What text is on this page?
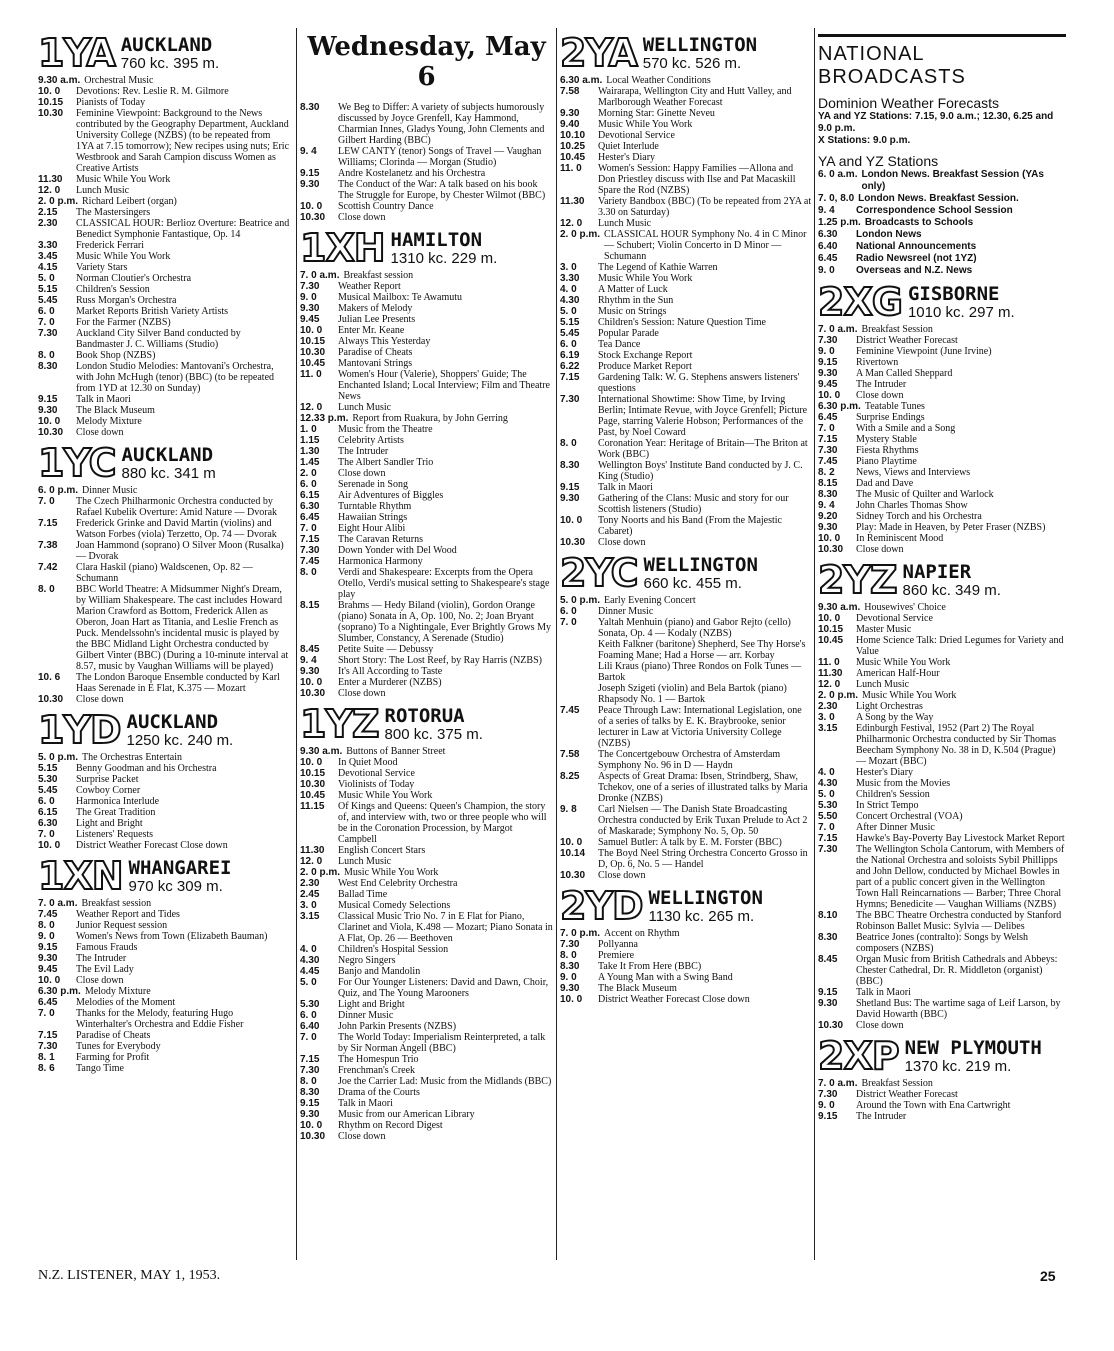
1YA AUCKLAND
760 kc. 395 m.
9.30 a.m. Orchestral Music
10. 0	Devotions: Rev. Leslie R. M. Gilmore
10.15	Pianists of Today
10.30	Feminine Viewpoint: Background to the News contributed by the Geography Department, Auckland University College (NZBS) (to be repeated from 1YA at 7.15 tomorrow); New recipes using nuts; Eric Westbrook and Sarah Campion discuss Women as Creative Artists
11.30	Music While You Work
12. 0	Lunch Music
2. 0 p.m. Richard Leibert (organ)
2.15	The Mastersingers
2.30	CLASSICAL HOUR: Berlioz Overture: Beatrice and Benedict Symphonie Fantastique, Op. 14
3.30	Frederick Ferrari
3.45	Music While You Work
4.15	Variety Stars
5. 0	Norman Cloutier's Orchestra
5.15	Children's Session
5.45	Russ Morgan's Orchestra
6. 0	Market Reports British Variety Artists
7. 0	For the Farmer (NZBS)
7.30	Auckland City Silver Band conducted by Bandmaster J. C. Williams (Studio)
8. 0	Book Shop (NZBS)
8.30	London Studio Melodies: Mantovani's Orchestra, with John McHugh (tenor) (BBC) (to be repeated from 1YD at 12.30 on Sunday)
9.15	Talk in Maori
9.30	The Black Museum
10. 0	Melody Mixture
10.30	Close down
1YC AUCKLAND
880 kc. 341 m
6. 0 p.m. Dinner Music
7. 0	The Czech Philharmonic Orchestra conducted by Rafael Kubelik Overture: Amid Nature — Dvorak
7.15	Frederick Grinke and David Martin (violins) and Watson Forbes (viola) Terzetto, Op. 74 — Dvorak
7.38	Joan Hammond (soprano) O Silver Moon (Rusalka) — Dvorak
7.42	Clara Haskil (piano) Waldscenen, Op. 82 — Schumann
8. 0	BBC World Theatre: A Midsummer Night's Dream, by William Shakespeare. The cast includes Howard Marion Crawford as Bottom, Frederick Allen as Oberon, Joan Hart as Titania, and Leslie French as Puck. Mendelssohn's incidental music is played by the BBC Midland Light Orchestra conducted by Gilbert Vinter (BBC) (During a 10-minute interval at 8.57, music by Vaughan Williams will be played)
10. 6	The London Baroque Ensemble conducted by Karl Haas Serenade in E Flat, K.375 — Mozart
10.30	Close down
1YD AUCKLAND
1250 kc. 240 m.
5. 0 p.m. The Orchestras Entertain
5.15	Benny Goodman and his Orchestra
5.30	Surprise Packet
5.45	Cowboy Corner
6. 0	Harmonica Interlude
6.15	The Great Tradition
6.30	Light and Bright
7. 0	Listeners' Requests
10. 0	District Weather Forecast Close down
1XN WHANGAREI
970 kc 309 m.
7. 0 a.m. Breakfast session
7.45	Weather Report and Tides
8. 0	Junior Request session
9. 0	Women's News from Town (Elizabeth Bauman)
9.15	Famous Frauds
9.30	The Intruder
9.45	The Evil Lady
10. 0	Close down
6.30 p.m. Melody Mixture
6.45	Melodies of the Moment
7. 0	Thanks for the Melody, featuring Hugo Winterhalter's Orchestra and Eddie Fisher
7.15	Paradise of Cheats
7.30	Tunes for Everybody
8. 1	Farming for Profit
8. 6	Tango Time
Wednesday, May 6
8.30	We Beg to Differ: A variety of subjects humorously discussed by Joyce Grenfell, Kay Hammond, Charmian Innes, Gladys Young, John Clements and Gilbert Harding (BBC)
9. 4	LEW CANTY (tenor) Songs of Travel — Vaughan Williams; Clorinda — Morgan (Studio)
9.15	Andre Kostelanetz and his Orchestra
9.30	The Conduct of the War: A talk based on his book The Struggle for Europe, by Chester Wilmot (BBC)
10. 0	Scottish Country Dance
10.30	Close down
1XH HAMILTON
1310 kc. 229 m.
7. 0 a.m. Breakfast session
7.30	Weather Report
9. 0	Musical Mailbox: Te Awamutu
9.30	Makers of Melody
9.45	Julian Lee Presents
10. 0	Enter Mr. Keane
10.15	Always This Yesterday
10.30	Paradise of Cheats
10.45	Mantovani Strings
11. 0	Women's Hour (Valerie), Shoppers' Guide; The Enchanted Island; Local Interview; Film and Theatre News
12. 0	Lunch Music
12.33 p.m. Report from Ruakura, by John Gerring
1. 0	Music from the Theatre
1.15	Celebrity Artists
1.30	The Intruder
1.45	The Albert Sandler Trio
2. 0	Close down
6. 0	Serenade in Song
6.15	Air Adventures of Biggles
6.30	Turntable Rhythm
6.45	Hawaiian Strings
7. 0	Eight Hour Alibi
7.15	The Caravan Returns
7.30	Down Yonder with Del Wood
7.45	Harmonica Harmony
8. 0	Verdi and Shakespeare: Excerpts from the Opera Otello, Verdi's musical setting to Shakespeare's stage play
8.15	Brahms — Hedy Biland (violin), Gordon Orange (piano) Sonata in A, Op. 100, No. 2; Joan Bryant (soprano) To a Nightingale, Ever Brightly Grows My Slumber, Constancy, A Serenade (Studio)
8.45	Petite Suite — Debussy
9. 4	Short Story: The Lost Reef, by Ray Harris (NZBS)
9.30	It's All According to Taste
10. 0	Enter a Murderer (NZBS)
10.30	Close down
1YZ ROTORUA
800 kc. 375 m.
9.30 a.m. Buttons of Banner Street
10. 0	In Quiet Mood
10.15	Devotional Service
10.30	Violinists of Today
10.45	Music While You Work
11.15	Of Kings and Queens: Queen's Champion, the story of, and interview with, two or three people who will be in the Coronation Procession, by Margot Campbell
11.30	English Concert Stars
12. 0	Lunch Music
2. 0 p.m. Music While You Work
2.30	West End Celebrity Orchestra
2.45	Ballad Time
3. 0	Musical Comedy Selections
3.15	Classical Music Trio No. 7 in E Flat for Piano, Clarinet and Viola, K.498 — Mozart; Piano Sonata in A Flat, Op. 26 — Beethoven
4. 0	Children's Hospital Session
4.30	Negro Singers
4.45	Banjo and Mandolin
5. 0	For Our Younger Listeners: David and Dawn, Choir, Quiz, and The Young Marooners
5.30	Light and Bright
6. 0	Dinner Music
6.40	John Parkin Presents (NZBS)
7. 0	The World Today: Imperialism Reinterpreted, a talk by Sir Norman Angell (BBC)
7.15	The Homespun Trio
7.30	Frenchman's Creek
8. 0	Joe the Carrier Lad: Music from the Midlands (BBC)
8.30	Drama of the Courts
9.15	Talk in Maori
9.30	Music from our American Library
10. 0	Rhythm on Record Digest
10.30	Close down
2YA WELLINGTON
570 kc. 526 m.
6.30 a.m. Local Weather Conditions
7.58	Wairarapa, Wellington City and Hutt Valley, and Marlborough Weather Forecast
9.30	Morning Star: Ginette Neveu
9.40	Music While You Work
10.10	Devotional Service
10.25	Quiet Interlude
10.45	Hester's Diary
11. 0	Women's Session: Happy Families —Allona and Don Priestley discuss with Ilse and Pat Macaskill Spare the Rod (NZBS)
11.30	Variety Bandbox (BBC) (To be repeated from 2YA at 3.30 on Saturday)
12. 0	Lunch Music
2. 0 p.m. CLASSICAL HOUR Symphony No. 4 in C Minor — Schubert; Violin Concerto in D Minor — Schumann
3. 0	The Legend of Kathie Warren
3.30	Music While You Work
4. 0	A Matter of Luck
4.30	Rhythm in the Sun
5. 0	Music on Strings
5.15	Children's Session: Nature Question Time
5.45	Popular Parade
6. 0	Tea Dance
6.19	Stock Exchange Report
6.22	Produce Market Report
7.15	Gardening Talk: W. G. Stephens answers listeners' questions
7.30	International Showtime: Show Time, by Irving Berlin; Intimate Revue, with Joyce Grenfell; Picture Page, starring Valerie Hobson; Performances of the Past, by Noel Coward
8. 0	Coronation Year: Heritage of Britain—The Briton at Work (BBC)
8.30	Wellington Boys' Institute Band conducted by J. C. King (Studio)
9.15	Talk in Maori
9.30	Gathering of the Clans: Music and story for our Scottish listeners (Studio)
10. 0	Tony Noorts and his Band (From the Majestic Cabaret)
10.30	Close down
2YC WELLINGTON
660 kc. 455 m.
5. 0 p.m. Early Evening Concert
6. 0	Dinner Music
7. 0	Yaltah Menhuin (piano) and Gabor Rejto (cello) Sonata, Op. 4 — Kodaly (NZBS)
Keith Falkner (baritone) Shepherd, See Thy Horse's Foaming Mane; Had a Horse — arr. Korbay
Lili Kraus (piano) Three Rondos on Folk Tunes — Bartok
Joseph Szigeti (violin) and Bela Bartok (piano) Rhapsody No. 1 — Bartok
7.45	Peace Through Law: International Legislation, one of a series of talks by E. K. Braybrooke, senior lecturer in Law at Victoria University College (NZBS)
7.58	The Concertgebouw Orchestra of Amsterdam Symphony No. 96 in D — Haydn
8.25	Aspects of Great Drama: Ibsen, Strindberg, Shaw, Tchekov, one of a series of illustrated talks by Maria Dronke (NZBS)
9. 8	Carl Nielsen — The Danish State Broadcasting Orchestra conducted by Erik Tuxan Prelude to Act 2 of Maskarade; Symphony No. 5, Op. 50
10. 0	Samuel Butler: A talk by E. M. Forster (BBC)
10.14	The Boyd Neel String Orchestra Concerto Grosso in D, Op. 6, No. 5 — Handel
10.30	Close down
2YD WELLINGTON
1130 kc. 265 m.
7. 0 p.m. Accent on Rhythm
7.30	Pollyanna
8. 0	Premiere
8.30	Take It From Here (BBC)
9. 0	A Young Man with a Swing Band
9.30	The Black Museum
10. 0	District Weather Forecast Close down
NATIONAL BROADCASTS
Dominion Weather Forecasts
YA and YZ Stations: 7.15, 9.0 a.m.; 12.30, 6.25 and 9.0 p.m.
X Stations: 9.0 p.m.
YA and YZ Stations
6. 0 a.m. London News. Breakfast Session (YAs only)
7. 0, 8.0 London News. Breakfast Session.
9. 4	Correspondence School Session
1.25 p.m. Broadcasts to Schools
6.30	London News
6.40	National Announcements
6.45	Radio Newsreel (not 1YZ)
9. 0	Overseas and N.Z. News
2XG GISBORNE
1010 kc. 297 m.
7. 0 a.m. Breakfast Session
7.30	District Weather Forecast
9. 0	Feminine Viewpoint (June Irvine)
9.15	Rivertown
9.30	A Man Called Sheppard
9.45	The Intruder
10. 0	Close down
6.30 p.m. Teatable Tunes
6.45	Surprise Endings
7. 0	With a Smile and a Song
7.15	Mystery Stable
7.30	Fiesta Rhythms
7.45	Piano Playtime
8. 2	News, Views and Interviews
8.15	Dad and Dave
8.30	The Music of Quilter and Warlock
9. 4	John Charles Thomas Show
9.20	Sidney Torch and his Orchestra
9.30	Play: Made in Heaven, by Peter Fraser (NZBS)
10. 0	In Reminiscent Mood
10.30	Close down
2YZ NAPIER
860 kc. 349 m.
9.30 a.m. Housewives' Choice
10. 0	Devotional Service
10.15	Master Music
10.45	Home Science Talk: Dried Legumes for Variety and Value
11. 0	Music While You Work
11.30	American Half-Hour
12. 0	Lunch Music
2. 0 p.m. Music While You Work
2.30	Light Orchestras
3. 0	A Song by the Way
3.15	Edinburgh Festival, 1952 (Part 2) The Royal Philharmonic Orchestra conducted by Sir Thomas Beecham Symphony No. 38 in D, K.504 (Prague) — Mozart (BBC)
4. 0	Hester's Diary
4.30	Music from the Movies
5. 0	Children's Session
5.30	In Strict Tempo
5.50	Concert Orchestral (VOA)
7. 0	After Dinner Music
7.15	Hawke's Bay-Poverty Bay Livestock Market Report
7.30	The Wellington Schola Cantorum, with Members of the National Orchestra and soloists Sybil Phillipps and John Dellow, conducted by Michael Bowles in part of a public concert given in the Wellington Town Hall Reincarnations — Barber; Three Choral Hymns; Benedicite — Vaughan Williams (NZBS)
8.10	The BBC Theatre Orchestra conducted by Stanford Robinson Ballet Music: Sylvia — Delibes
8.30	Beatrice Jones (contralto): Songs by Welsh composers (NZBS)
8.45	Organ Music from British Cathedrals and Abbeys: Chester Cathedral, Dr. R. Middleton (organist) (BBC)
9.15	Talk in Maori
9.30	Shetland Bus: The wartime saga of Leif Larson, by David Howarth (BBC)
10.30	Close down
2XP NEW PLYMOUTH
1370 kc. 219 m.
7. 0 a.m. Breakfast Session
7.30	District Weather Forecast
9. 0	Around the Town with Ena Cartwright
9.15	The Intruder
N.Z. LISTENER, MAY 1, 1953.	25
